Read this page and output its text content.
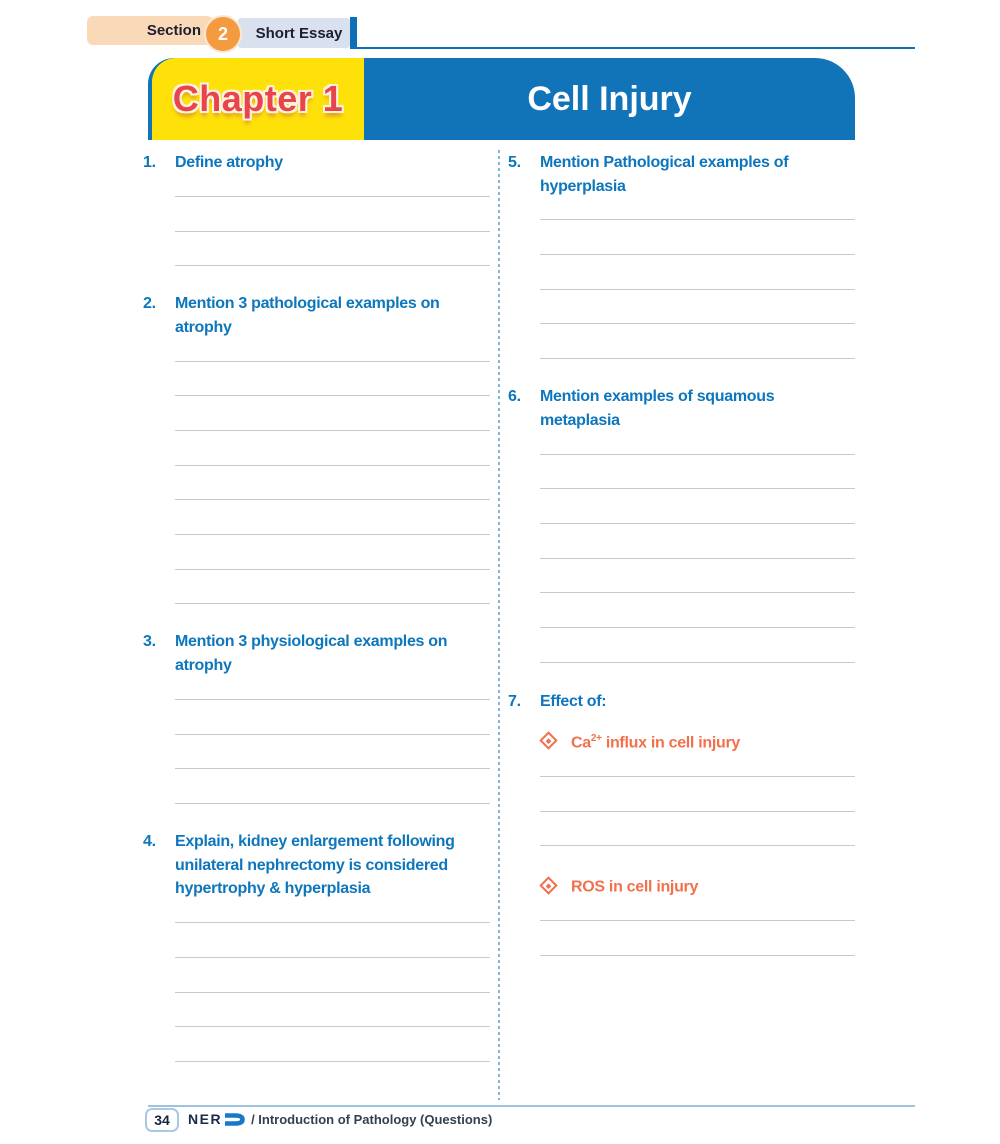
Section 2 Short Essay
Chapter 1	Cell Injury
1.	Define atrophy
2.	Mention 3 pathological examples on
atrophy
3.	Mention 3 physiological examples on
atrophy
4.	Explain, kidney enlargement following
unilateral nephrectomy is considered
hypertrophy & hyperplasia
5.	Mention Pathological examples of
hyperplasia
6.	Mention examples of squamous
metaplasia
7.	Effect of:
$Ca^{2+}$ influx in cell injury
ROS in cell injury
34 NER / Introduction of Pathology (Questions)
